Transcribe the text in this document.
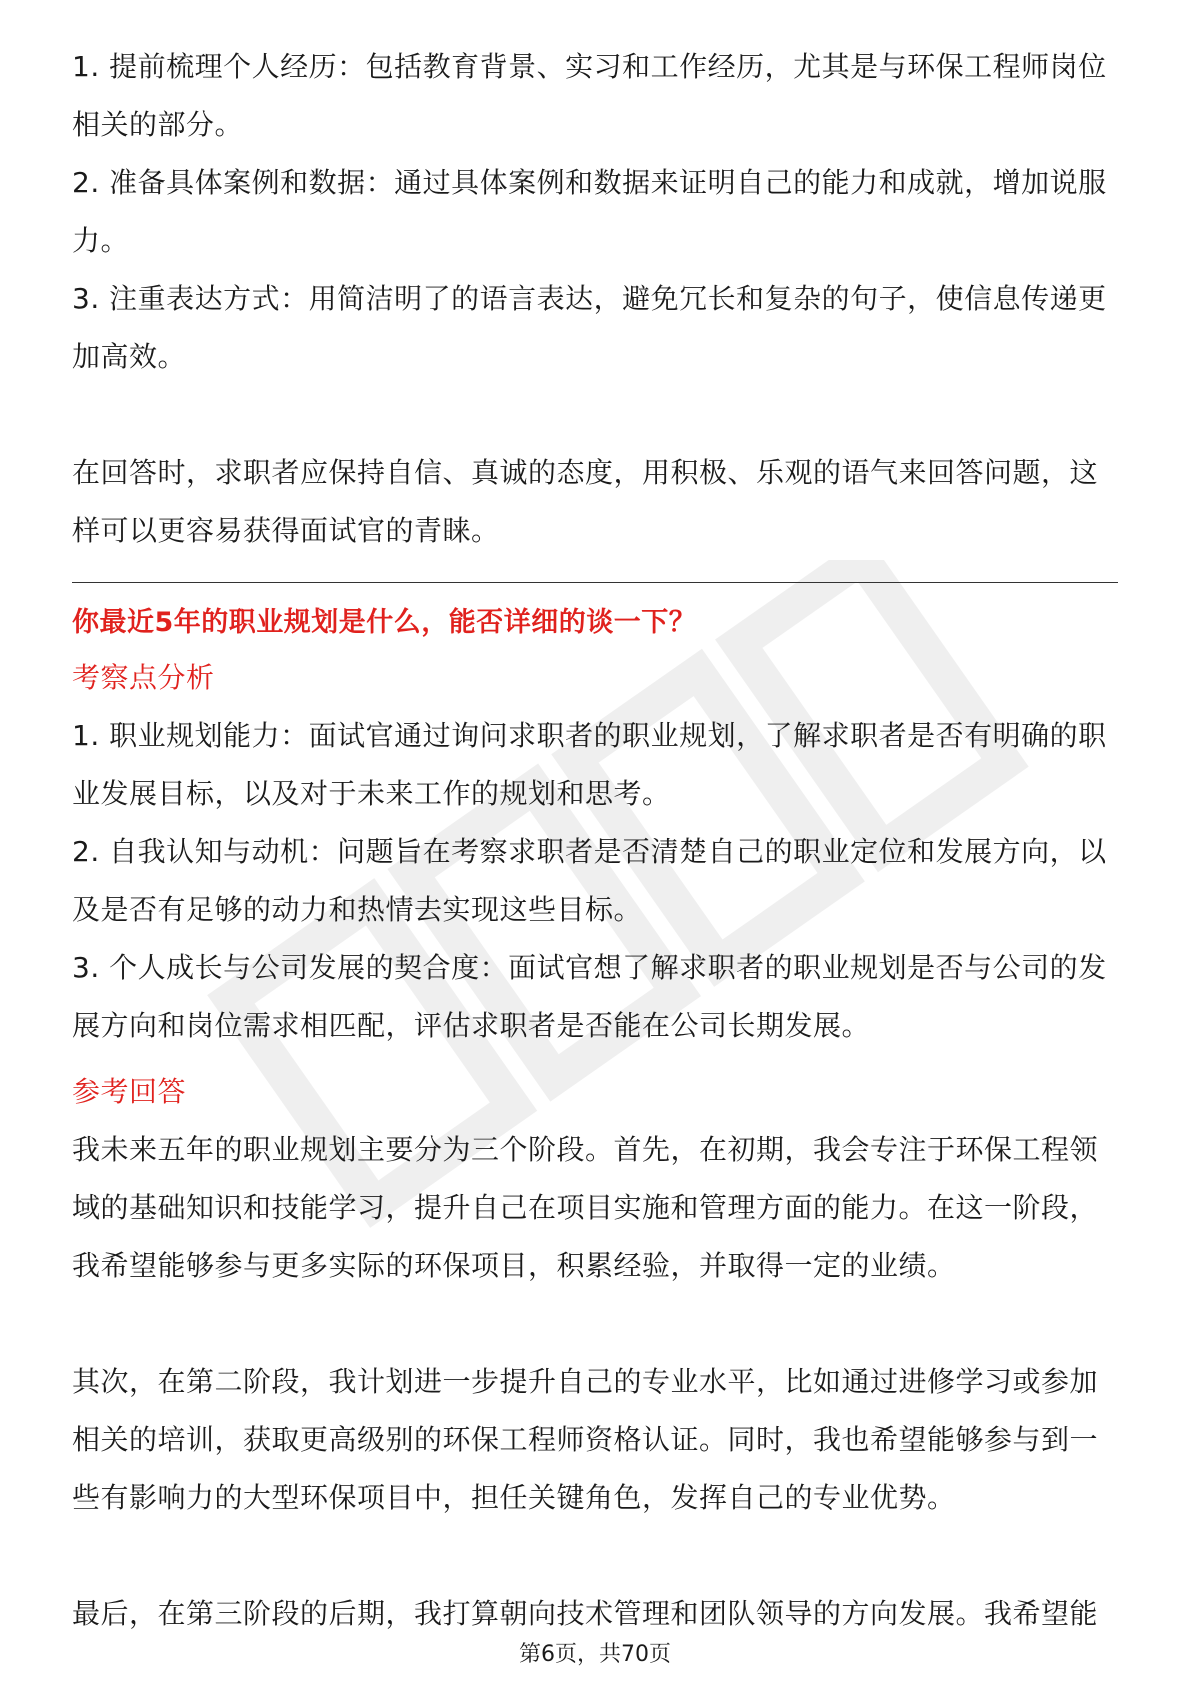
1. 提前梳理个人经历：包括教育背景、实习和工作经历，尤其是与环保工程师岗位相关的部分。

2. 准备具体案例和数据：通过具体案例和数据来证明自己的能力和成就，增加说服力。

3. 注重表达方式：用简洁明了的语言表达，避免冗长和复杂的句子，使信息传递更加高效。

在回答时，求职者应保持自信、真诚的态度，用积极、乐观的语气来回答问题，这样可以更容易获得面试官的青睐。

你最近5年的职业规划是什么，能否详细的谈一下？

考察点分析

1. 职业规划能力：面试官通过询问求职者的职业规划，了解求职者是否有明确的职业发展目标，以及对于未来工作的规划和思考。

2. 自我认知与动机：问题旨在考察求职者是否清楚自己的职业定位和发展方向，以及是否有足够的动力和热情去实现这些目标。

3. 个人成长与公司发展的契合度：面试官想了解求职者的职业规划是否与公司的发展方向和岗位需求相匹配，评估求职者是否能在公司长期发展。

参考回答

我未来五年的职业规划主要分为三个阶段。首先，在初期，我会专注于环保工程领域的基础知识和技能学习，提升自己在项目实施和管理方面的能力。在这一阶段，我希望能够参与更多实际的环保项目，积累经验，并取得一定的业绩。

其次，在第二阶段，我计划进一步提升自己的专业水平，比如通过进修学习或参加相关的培训，获取更高级别的环保工程师资格认证。同时，我也希望能够参与到一些有影响力的大型环保项目中，担任关键角色，发挥自己的专业优势。

最后，在第三阶段的后期，我打算朝向技术管理和团队领导的方向发展。我希望能

第6页，共70页
